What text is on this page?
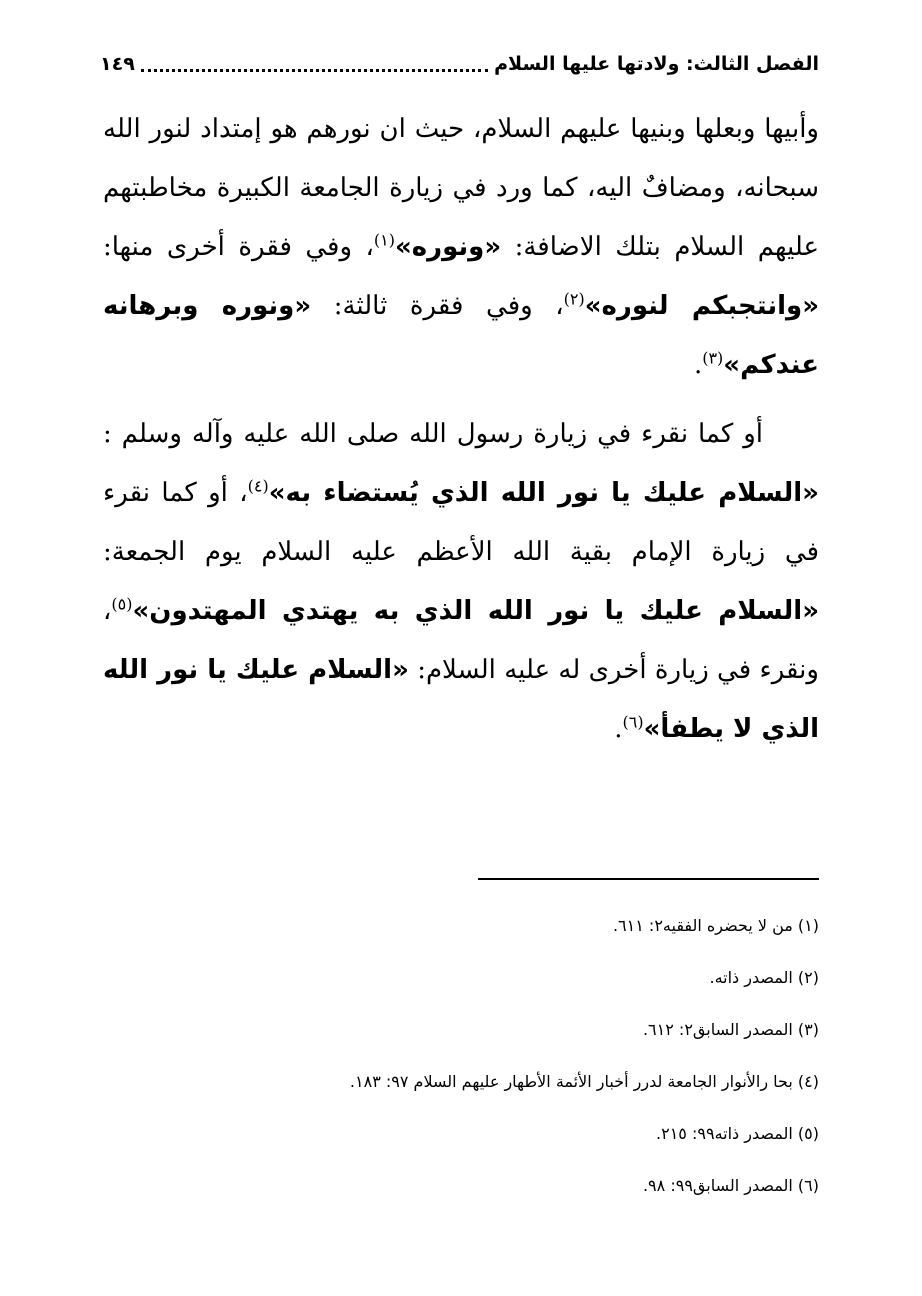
الفصل الثالث: ولادتها عليها السلام
١٤٩

وأبيها وبعلها وبنيها عليهم السلام، حيث ان نورهم هو إمتداد لنور الله سبحانه، ومضافٌ اليه، كما ورد في زيارة الجامعة الكبيرة مخاطبتهم عليهم السلام بتلك الاضافة: «ونوره»$^{(١)}$، وفي فقرة أخرى منها: «وانتجبكم لنوره»$^{(٢)}$، وفي فقرة ثالثة: «ونوره وبرهانه عندكم»$^{(٣)}$.

أو كما نقرء في زيارة رسول الله صلى الله عليه وآله وسلم : «السلام عليك يا نور الله الذي يُستضاء به»$^{(٤)}$، أو كما نقرء في زيارة الإمام بقية الله الأعظم عليه السلام يوم الجمعة: «السلام عليك يا نور الله الذي به يهتدي المهتدون»$^{(٥)}$، ونقرء في زيارة أخرى له عليه السلام: «السلام عليك يا نور الله الذي لا يطفأ»$^{(٦)}$.

(١) من لا يحضره الفقيه٢: ٦١١.
(٢) المصدر ذاته.
(٣) المصدر السابق٢: ٦١٢.
(٤) بحا رالأنوار الجامعة لدرر أخبار الأئمة الأطهار عليهم السلام ٩٧: ١٨٣.
(٥) المصدر ذاته٩٩: ٢١٥.
(٦) المصدر السابق٩٩: ٩٨.
